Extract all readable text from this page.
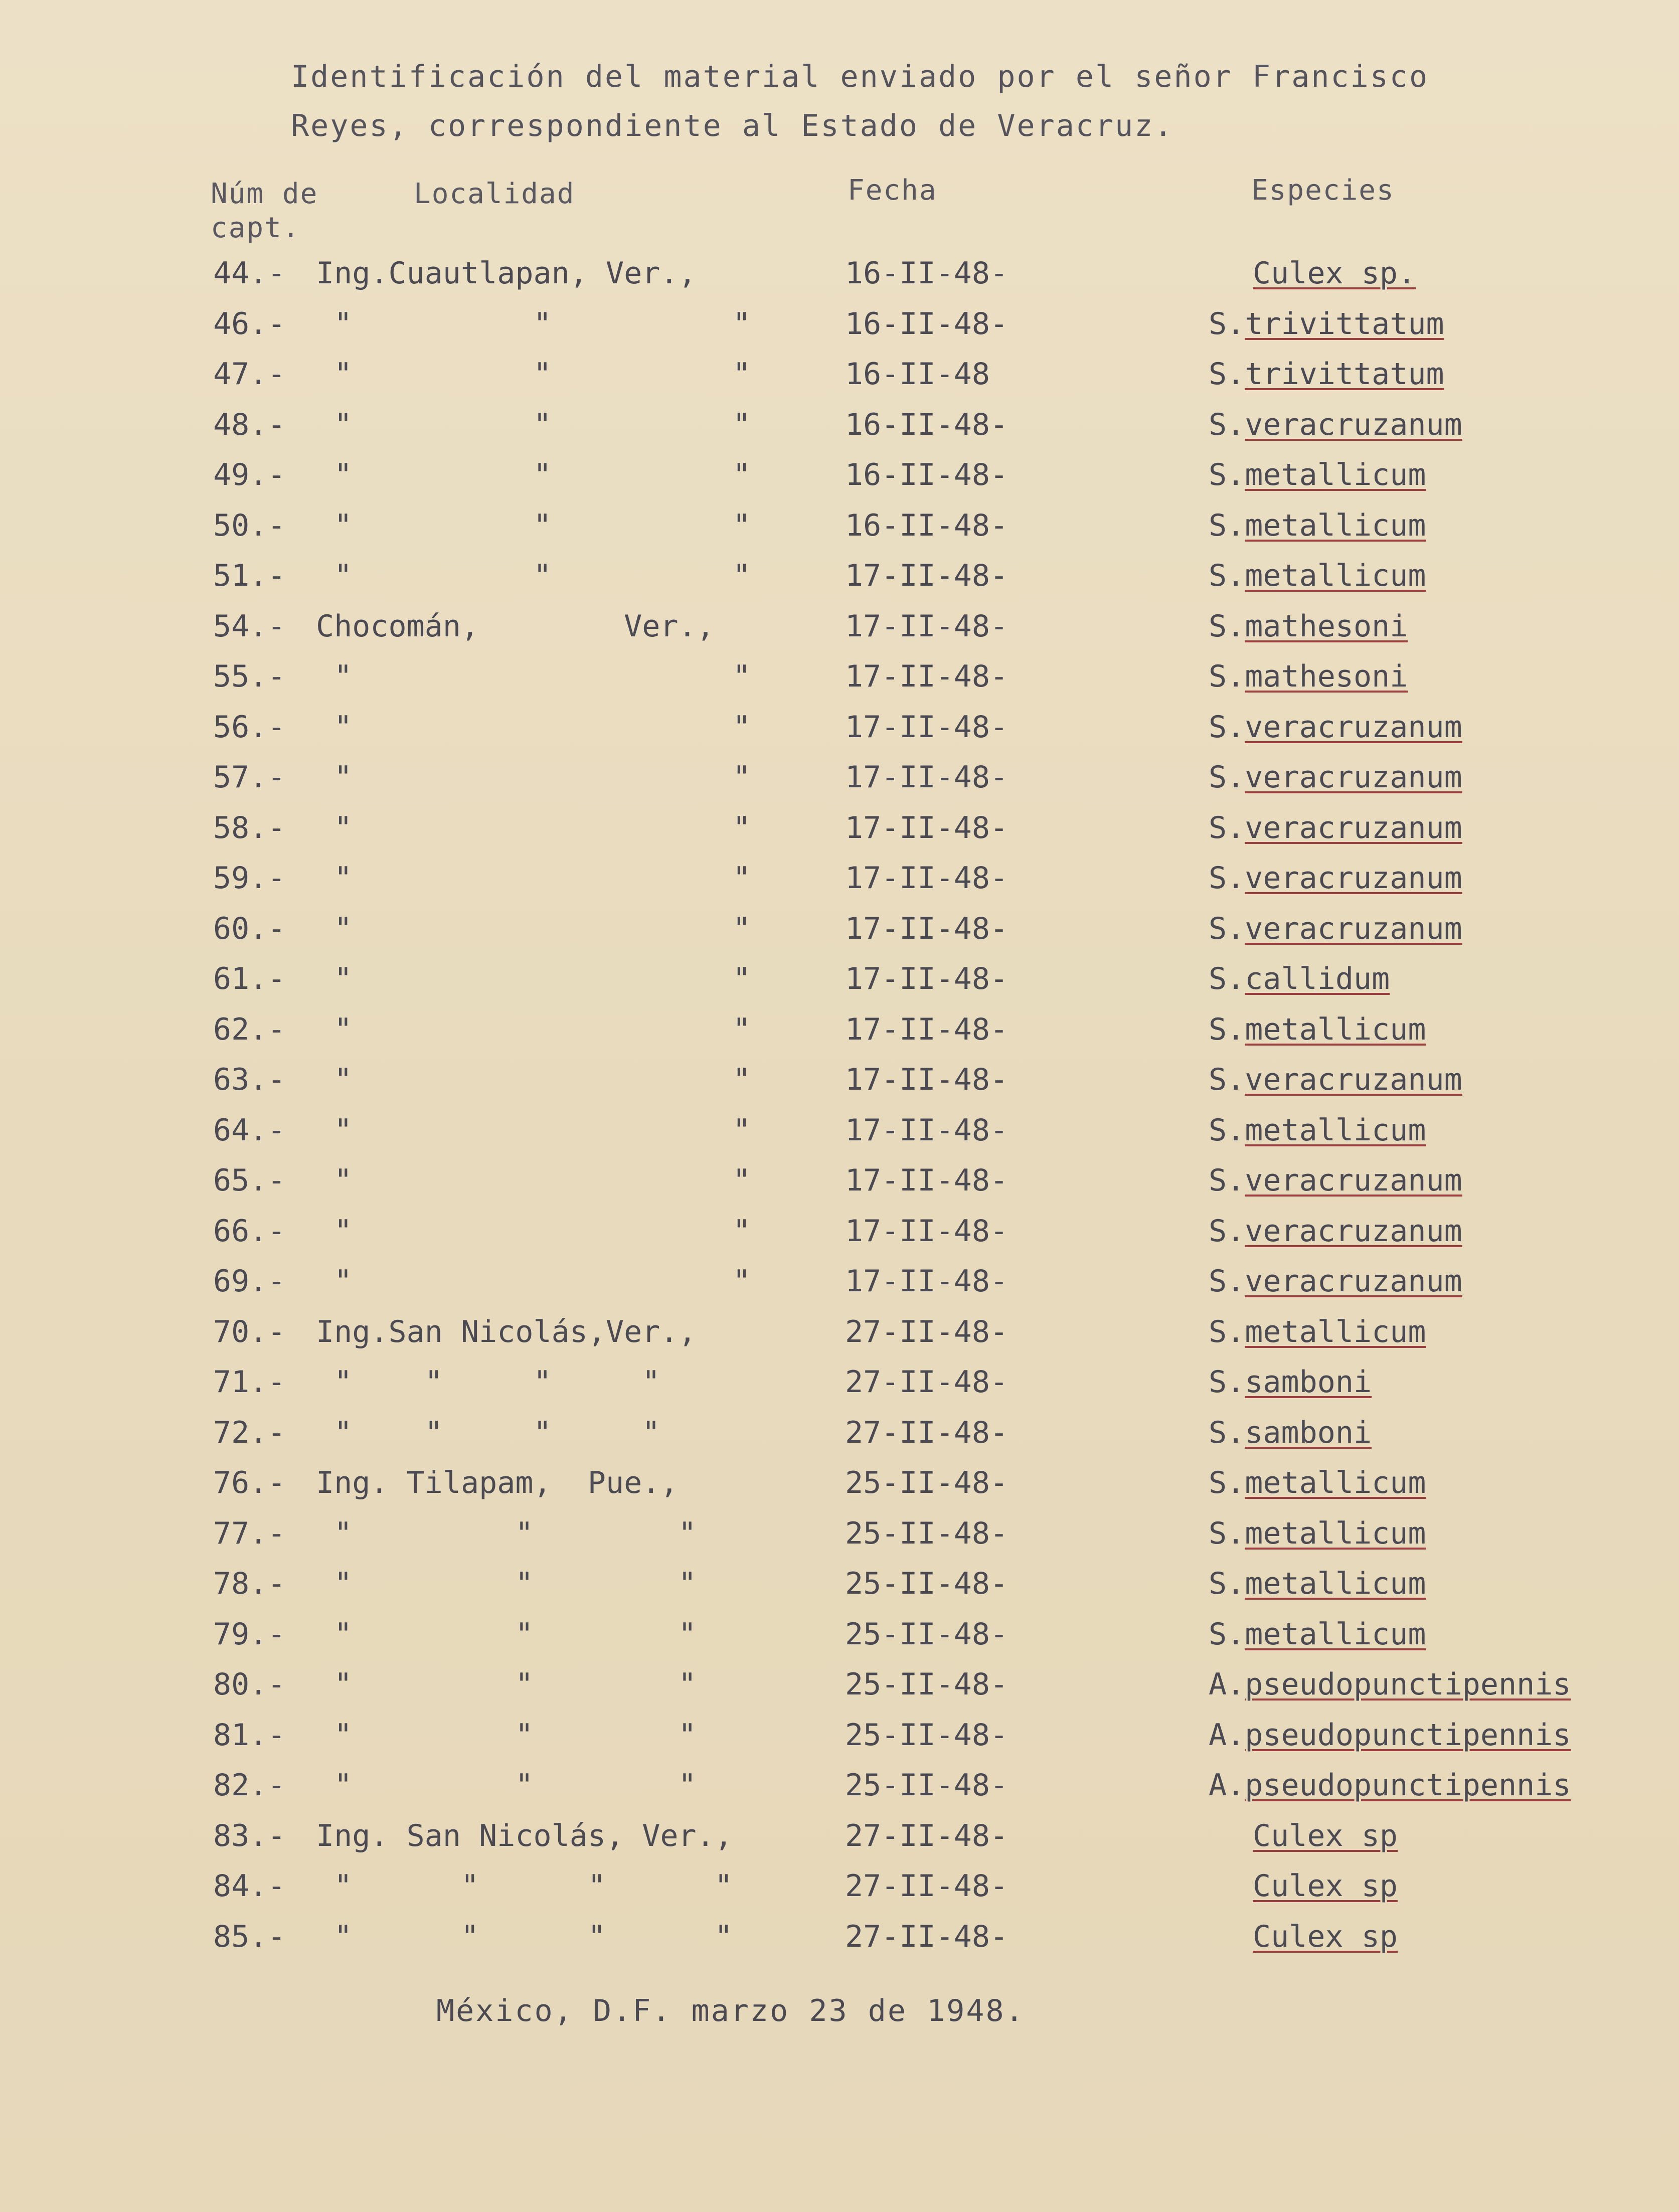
Identificación del material enviado por el señor Francisco
Reyes, correspondiente al Estado de Veracruz.
Núm de
capt.
Localidad	Fecha	Especies
44.- Ing.Cuautlapan, Ver.,	16-II-48-	Culex sp.
46.- "          "          "	16-II-48-	S.trivittatum
47.- "          "          "	16-II-48	S.trivittatum
48.- "          "          "	16-II-48-	S.veracruzanum
49.- "          "          "	16-II-48-	S.metallicum
50.- "          "          "	16-II-48-	S.metallicum
51.- "          "          "	17-II-48-	S.metallicum
54.- Chocomán,        Ver.,	17-II-48-	S.mathesoni
55.- "                     "	17-II-48-	S.mathesoni
56.- "                     "	17-II-48-	S.veracruzanum
57.- "                     "	17-II-48-	S.veracruzanum
58.- "                     "	17-II-48-	S.veracruzanum
59.- "                     "	17-II-48-	S.veracruzanum
60.- "                     "	17-II-48-	S.veracruzanum
61.- "                     "	17-II-48-	S.callidum
62.- "                     "	17-II-48-	S.metallicum
63.- "                     "	17-II-48-	S.veracruzanum
64.- "                     "	17-II-48-	S.metallicum
65.- "                     "	17-II-48-	S.veracruzanum
66.- "                     "	17-II-48-	S.veracruzanum
69.- "                     "	17-II-48-	S.veracruzanum
70.- Ing.San Nicolás,Ver.,	27-II-48-	S.metallicum
71.- "    "     "     "	27-II-48-	S.samboni
72.- "    "     "     "	27-II-48-	S.samboni
76.- Ing. Tilapam,  Pue.,	25-II-48-	S.metallicum
77.- "         "        "	25-II-48-	S.metallicum
78.- "         "        "	25-II-48-	S.metallicum
79.- "         "        "	25-II-48-	S.metallicum
80.- "         "        "	25-II-48-	A.pseudopunctipennis
81.- "         "        "	25-II-48-	A.pseudopunctipennis
82.- "         "        "	25-II-48-	A.pseudopunctipennis
83.- Ing. San Nicolás, Ver.,	27-II-48-	Culex sp
84.- "      "      "      "	27-II-48-	Culex sp
85.- "      "      "      "	27-II-48-	Culex sp
México, D.F. marzo 23 de 1948.
